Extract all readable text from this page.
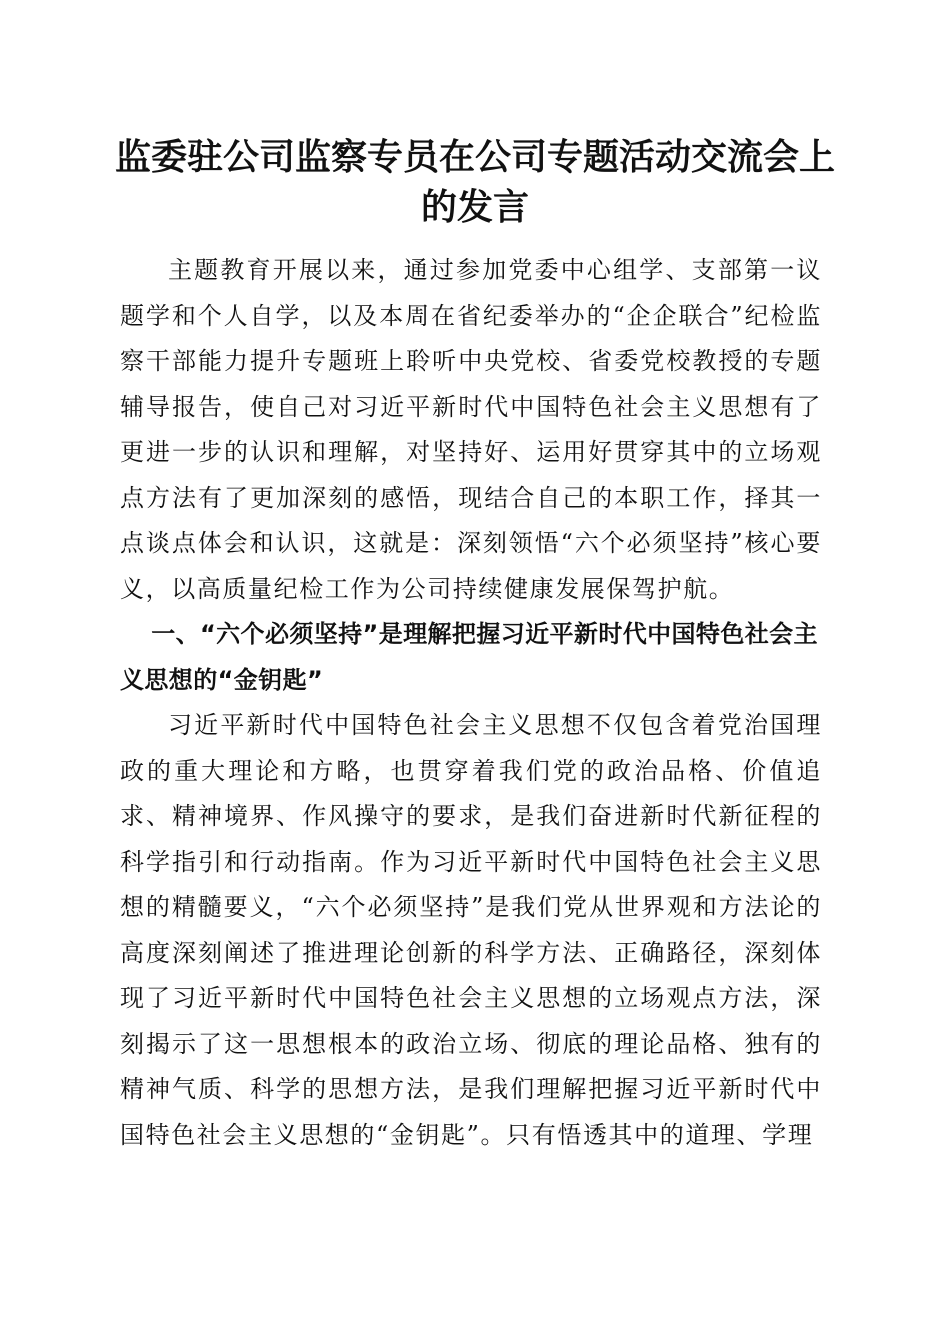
监委驻公司监察专员在公司专题活动交流会上的发言

主题教育开展以来，通过参加党委中心组学、支部第一议题学和个人自学，以及本周在省纪委举办的“企企联合”纪检监察干部能力提升专题班上聆听中央党校、省委党校教授的专题辅导报告，使自己对习近平新时代中国特色社会主义思想有了更进一步的认识和理解，对坚持好、运用好贯穿其中的立场观点方法有了更加深刻的感悟，现结合自己的本职工作，择其一点谈点体会和认识，这就是：深刻领悟“六个必须坚持”核心要义，以高质量纪检工作为公司持续健康发展保驾护航。

一、“六个必须坚持”是理解把握习近平新时代中国特色社会主义思想的“金钥匙”

习近平新时代中国特色社会主义思想不仅包含着党治国理政的重大理论和方略，也贯穿着我们党的政治品格、价值追求、精神境界、作风操守的要求，是我们奋进新时代新征程的科学指引和行动指南。作为习近平新时代中国特色社会主义思想的精髓要义，“六个必须坚持”是我们党从世界观和方法论的高度深刻阐述了推进理论创新的科学方法、正确路径，深刻体现了习近平新时代中国特色社会主义思想的立场观点方法，深刻揭示了这一思想根本的政治立场、彻底的理论品格、独有的精神气质、科学的思想方法，是我们理解把握习近平新时代中国特色社会主义思想的“金钥匙”。只有悟透其中的道理、学理
